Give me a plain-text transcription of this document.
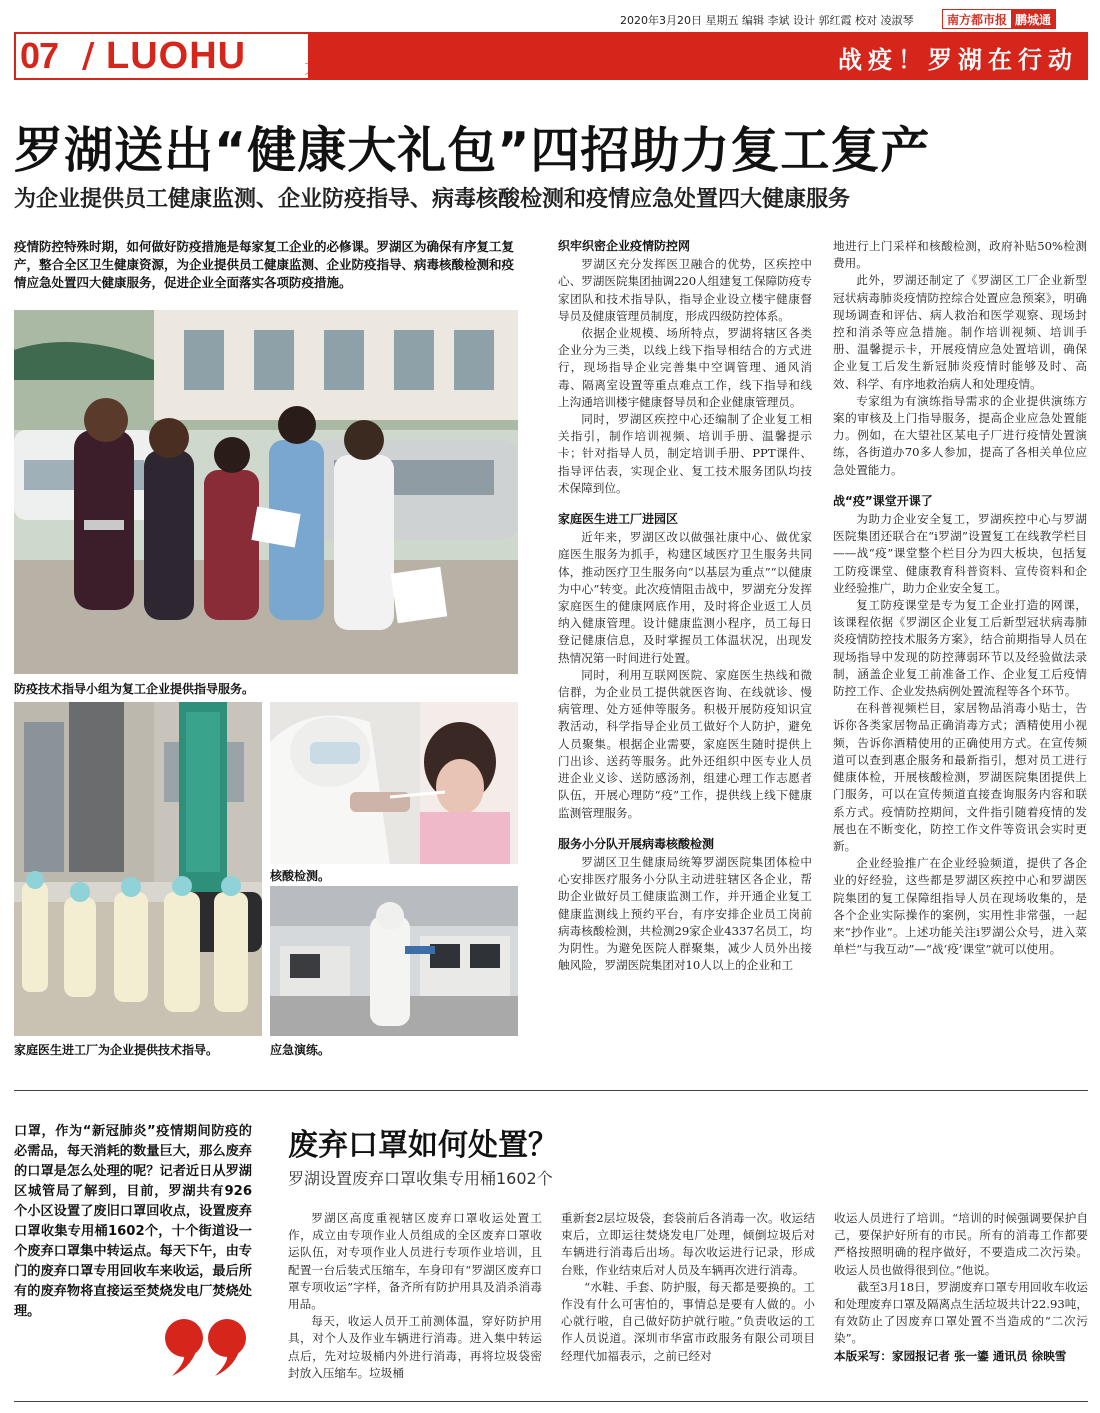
2020年3月20日 星期五 编辑 李斌 设计 郭红霞 校对 凌淑琴	南方都市报 鹏城通
07 / LUOHU	大事	战疫！罗湖在行动
罗湖送出“健康大礼包”四招助力复工复产
为企业提供员工健康监测、企业防疫指导、病毒核酸检测和疫情应急处置四大健康服务
疫情防控特殊时期，如何做好防疫措施是每家复工企业的必修课。罗湖区为确保有序复工复产，整合全区卫生健康资源，为企业提供员工健康监测、企业防疫指导、病毒核酸检测和疫情应急处置四大健康服务，促进企业全面落实各项防疫措施。
防疫技术指导小组为复工企业提供指导服务。
家庭医生进工厂为企业提供技术指导。
核酸检测。
应急演练。
织牢织密企业疫情防控网

罗湖区充分发挥医卫融合的优势，区疾控中心、罗湖医院集团抽调220人组建复工保障防疫专家团队和技术指导队，指导企业设立楼宇健康督导员及健康管理员制度，形成四级防控体系。

依据企业规模、场所特点，罗湖将辖区各类企业分为三类，以线上线下指导相结合的方式进行，现场指导企业完善集中空调管理、通风消毒、隔离室设置等重点难点工作，线下指导和线上沟通培训楼宇健康督导员和企业健康管理员。

同时，罗湖区疾控中心还编制了企业复工相关指引，制作培训视频、培训手册、温馨提示卡；针对指导人员，制定培训手册、PPT课件、指导评估表，实现企业、复工技术服务团队均技术保障到位。

家庭医生进工厂进园区

近年来，罗湖区改以做强社康中心、做优家庭医生服务为抓手，构建区域医疗卫生服务共同体，推动医疗卫生服务向“以基层为重点”“以健康为中心”转变。此次疫情阻击战中，罗湖充分发挥家庭医生的健康网底作用，及时将企业返工人员纳入健康管理。设计健康监测小程序，员工每日登记健康信息，及时掌握员工体温状况，出现发热情况第一时间进行处置。

同时，利用互联网医院、家庭医生热线和微信群，为企业员工提供就医咨询、在线就诊、慢病管理、处方延伸等服务。积极开展防疫知识宣教活动，科学指导企业员工做好个人防护，避免人员聚集。根据企业需要，家庭医生随时提供上门出诊、送药等服务。此外还组织中医专业人员进企业义诊、送防感汤剂，组建心理工作志愿者队伍，开展心理防“疫”工作，提供线上线下健康监测管理服务。

服务小分队开展病毒核酸检测

罗湖区卫生健康局统筹罗湖医院集团体检中心安排医疗服务小分队主动进驻辖区各企业，帮助企业做好员工健康监测工作，并开通企业复工健康监测线上预约平台，有序安排企业员工岗前病毒核酸检测，共检测29家企业4337名员工，均为阴性。为避免医院人群聚集，减少人员外出接触风险，罗湖医院集团对10人以上的企业和工

地进行上门采样和核酸检测，政府补贴50%检测费用。

此外，罗湖还制定了《罗湖区工厂企业新型冠状病毒肺炎疫情防控综合处置应急预案》，明确现场调查和评估、病人救治和医学观察、现场封控和消杀等应急措施。制作培训视频、培训手册、温馨提示卡，开展疫情应急处置培训，确保企业复工后发生新冠肺炎疫情时能够及时、高效、科学、有序地救治病人和处理疫情。

专家组为有演练指导需求的企业提供演练方案的审核及上门指导服务，提高企业应急处置能力。例如，在大望社区某电子厂进行疫情处置演练，各街道办70多人参加，提高了各相关单位应急处置能力。

战“疫”课堂开课了

为助力企业安全复工，罗湖疾控中心与罗湖医院集团还联合在“i罗湖”设置复工在线教学栏目——战“疫”课堂整个栏目分为四大板块，包括复工防疫课堂、健康教育科普资料、宣传资料和企业经验推广，助力企业安全复工。

复工防疫课堂是专为复工企业打造的网课，该课程依据《罗湖区企业复工后新型冠状病毒肺炎疫情防控技术服务方案》，结合前期指导人员在现场指导中发现的防控薄弱环节以及经验做法录制，涵盖企业复工前准备工作、企业复工后疫情防控工作、企业发热病例处置流程等各个环节。

在科普视频栏目，家居物品消毒小贴士，告诉你各类家居物品正确消毒方式；酒精使用小视频，告诉你酒精使用的正确使用方式。在宣传频道可以查到惠企服务和最新指引，想对员工进行健康体检，开展核酸检测，罗湖医院集团提供上门服务，可以在宣传频道直接查询服务内容和联系方式。疫情防控期间，文件指引随着疫情的发展也在不断变化，防控工作文件等资讯会实时更新。

企业经验推广在企业经验频道，提供了各企业的好经验，这些都是罗湖区疾控中心和罗湖医院集团的复工保障组指导人员在现场收集的，是各个企业实际操作的案例，实用性非常强，一起来“抄作业”。上述功能关注i罗湖公众号，进入菜单栏“与我互动”—“战‘疫’课堂”就可以使用。

口罩，作为“新冠肺炎”疫情期间防疫的必需品，每天消耗的数量巨大，那么废弃的口罩是怎么处理的呢？记者近日从罗湖区城管局了解到，目前，罗湖共有926个小区设置了废旧口罩回收点，设置废弃口罩收集专用桶1602个，十个街道设一个废弃口罩集中转运点。每天下午，由专门的废弃口罩专用回收车来收运，最后所有的废弃物将直接运至焚烧发电厂焚烧处理。
废弃口罩如何处置？
罗湖设置废弃口罩收集专用桶1602个

罗湖区高度重视辖区废弃口罩收运处置工作，成立由专项作业人员组成的全区废弃口罩收运队伍，对专项作业人员进行专项作业培训，且配置一台后装式压缩车，车身印有“罗湖区废弃口罩专项收运”字样，备齐所有防护用具及消杀消毒用品。

每天，收运人员开工前测体温，穿好防护用具，对个人及作业车辆进行消毒。进入集中转运点后，先对垃圾桶内外进行消毒，再将垃圾袋密封放入压缩车。垃圾桶

重新套2层垃圾袋，套袋前后各消毒一次。收运结束后，立即运往焚烧发电厂处理，倾倒垃圾后对车辆进行消毒后出场。每次收运进行记录，形成台账，作业结束后对人员及车辆再次进行消毒。

“水鞋、手套、防护服，每天都是要换的。工作没有什么可害怕的，事情总是要有人做的。小心就行啦，自己做好防护就行啦。”负责收运的工作人员说道。深圳市华富市政服务有限公司项目经理代加福表示，之前已经对

收运人员进行了培训。“培训的时候强调要保护自己，要保护好所有的市民。所有的消毒工作都要严格按照明确的程序做好，不要造成二次污染。收运人员也做得很到位。”他说。

截至3月18日，罗湖废弃口罩专用回收车收运和处理废弃口罩及隔离点生活垃圾共计22.93吨，有效防止了因废弃口罩处置不当造成的“二次污染”。

本版采写：家园报记者 张一鎏 通讯员 徐映雪
